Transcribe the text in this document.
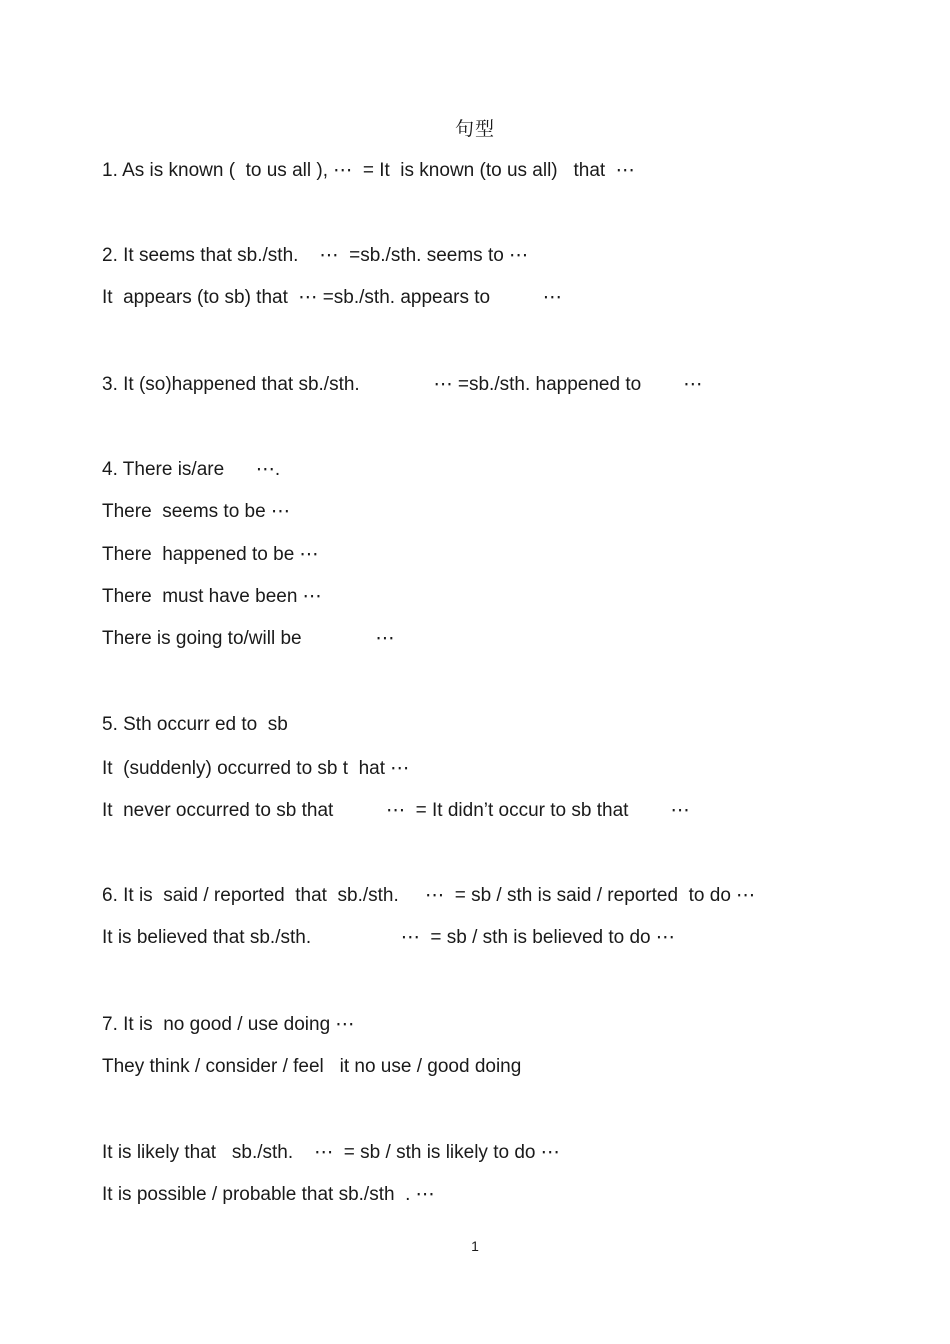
句型
1. As is known (  to us all ), ⋯  = It  is known (to us all)   that  ⋯
2. It seems that sb./sth.    ⋯  =sb./sth. seems to ⋯
It  appears (to sb) that  ⋯ =sb./sth. appears to          ⋯
3. It (so)happened that sb./sth.              ⋯ =sb./sth. happened to        ⋯
4. There is/are      ⋯.
There  seems to be ⋯
There  happened to be ⋯
There  must have been ⋯
There is going to/will be              ⋯
5. Sth occurr ed to  sb
It  (suddenly) occurred to sb t  hat ⋯
It  never occurred to sb that          ⋯  = It didn’t occur to sb that        ⋯
6. It is  said / reported  that  sb./sth.     ⋯  = sb / sth is said / reported  to do ⋯
It is believed that sb./sth.                 ⋯  = sb / sth is believed to do ⋯
7. It is  no good / use doing ⋯
They think / consider / feel   it no use / good doing
It is likely that   sb./sth.    ⋯  = sb / sth is likely to do ⋯
It is possible / probable that sb./sth  . ⋯
1
